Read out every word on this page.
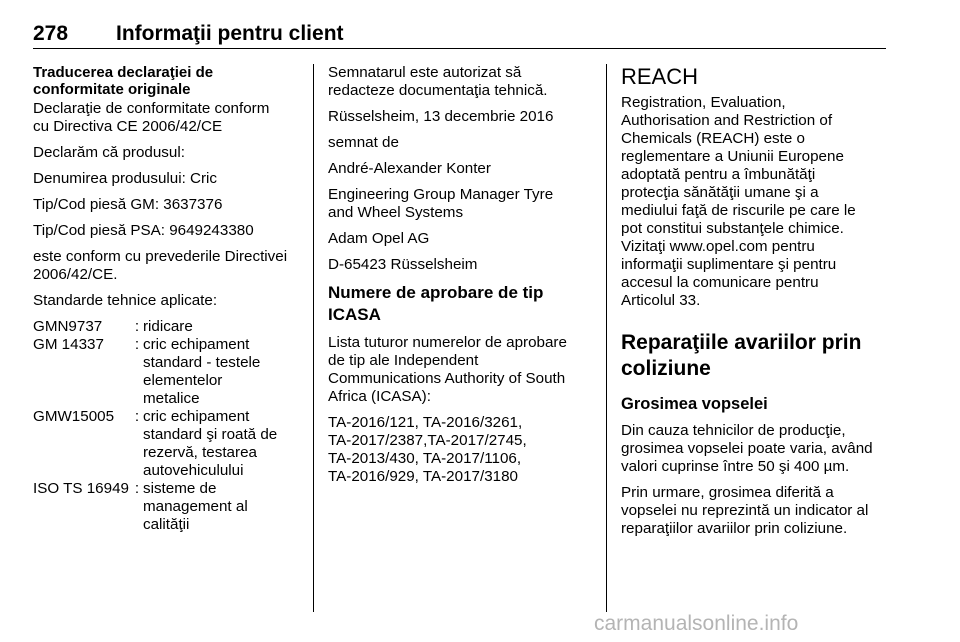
278 Informaţii pentru client
Traducerea declaraţiei de
conformitate originale

Declaraţie de conformitate conform
cu Directiva CE 2006/42/CE

Declarăm că produsul:

Denumirea produsului: Cric

Tip/Cod piesă GM: 3637376

Tip/Cod piesă PSA: 9649243380

este conform cu prevederile Directivei
2006/42/CE.

Standarde tehnice aplicate:

GMN9737	:	ridicare
GM 14337	:	cric echipament
standard - testele
elementelor
metalice
GMW15005	:	cric echipament
standard şi roată de
rezervă, testarea
autovehiculului
ISO TS 16949	:	sisteme de
management al
calităţii

Semnatarul este autorizat să
redacteze documentaţia tehnică.

Rüsselsheim, 13 decembrie 2016

semnat de

André-Alexander Konter

Engineering Group Manager Tyre
and Wheel Systems

Adam Opel AG

D-65423 Rüsselsheim

Numere de aprobare de tip
ICASA

Lista tuturor numerelor de aprobare
de tip ale Independent
Communications Authority of South
Africa (ICASA):

TA-2016/121, TA-2016/3261,
TA-2017/2387,TA-2017/2745,
TA-2013/430, TA-2017/1106,
TA-2016/929, TA-2017/3180

REACH

Registration, Evaluation,
Authorisation and Restriction of
Chemicals (REACH) este o
reglementare a Uniunii Europene
adoptată pentru a îmbunătăţi
protecţia sănătăţii umane şi a
mediului faţă de riscurile pe care le
pot constitui substanţele chimice.
Vizitaţi www.opel.com pentru
informaţii suplimentare şi pentru
accesul la comunicare pentru
Articolul 33.

Reparaţiile avariilor prin
coliziune
Grosimea vopselei

Din cauza tehnicilor de producţie,
grosimea vopselei poate varia, având
valori cuprinse între 50 şi 400 µm.

Prin urmare, grosimea diferită a
vopselei nu reprezintă un indicator al
reparaţiilor avariilor prin coliziune.

carmanualsonline.info
